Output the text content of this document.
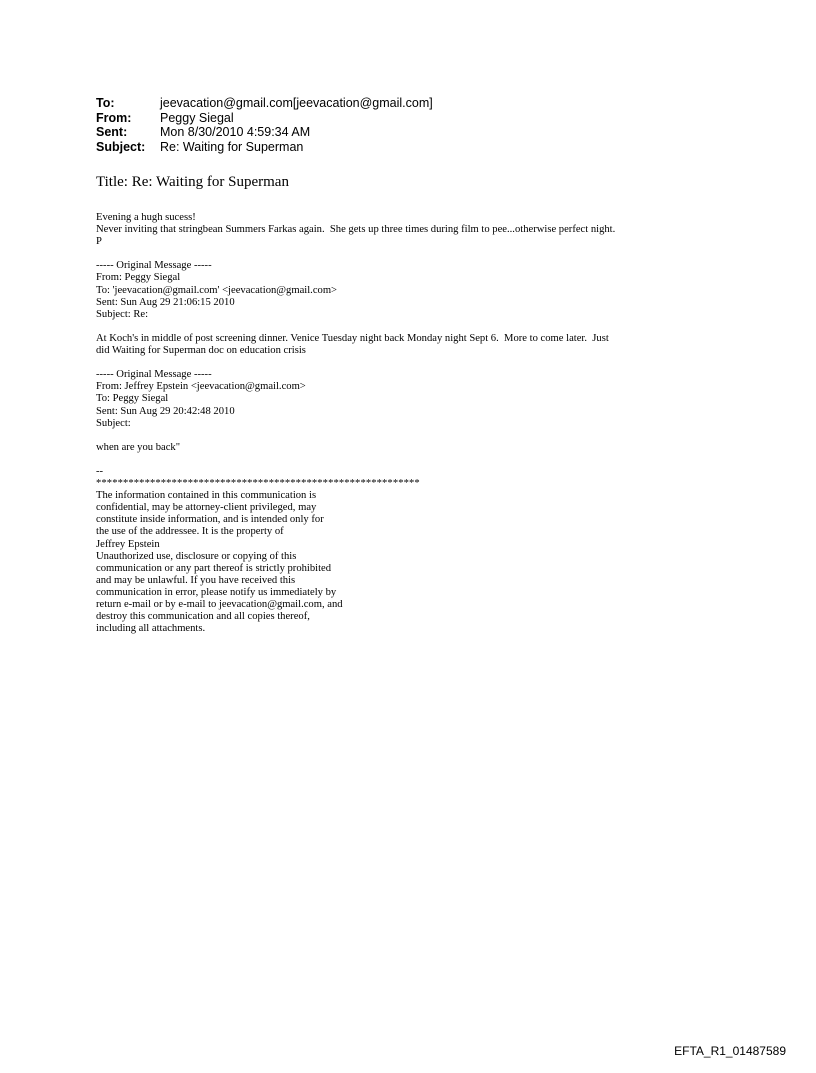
To:	jeevacation@gmail.com[jeevacation@gmail.com]
From:	Peggy Siegal
Sent:	Mon 8/30/2010 4:59:34 AM
Subject:	Re: Waiting for Superman
Title: Re: Waiting for Superman
Evening a hugh sucess!
Never inviting that stringbean Summers Farkas again.  She gets up three times during film to pee...otherwise perfect night.
P
----- Original Message -----
From: Peggy Siegal
To: 'jeevacation@gmail.com' <jeevacation@gmail.com>
Sent: Sun Aug 29 21:06:15 2010
Subject: Re:
At Koch's in middle of post screening dinner. Venice Tuesday night back Monday night Sept 6.  More to come later.  Just
did Waiting for Superman doc on education crisis
----- Original Message -----
From: Jeffrey Epstein <jeevacation@gmail.com>
To: Peggy Siegal
Sent: Sun Aug 29 20:42:48 2010
Subject:
when are you back"
--
************************************************************
The information contained in this communication is
confidential, may be attorney-client privileged, may
constitute inside information, and is intended only for
the use of the addressee. It is the property of
Jeffrey Epstein
Unauthorized use, disclosure or copying of this
communication or any part thereof is strictly prohibited
and may be unlawful. If you have received this
communication in error, please notify us immediately by
return e-mail or by e-mail to jeevacation@gmail.com, and
destroy this communication and all copies thereof,
including all attachments.
EFTA_R1_01487589
